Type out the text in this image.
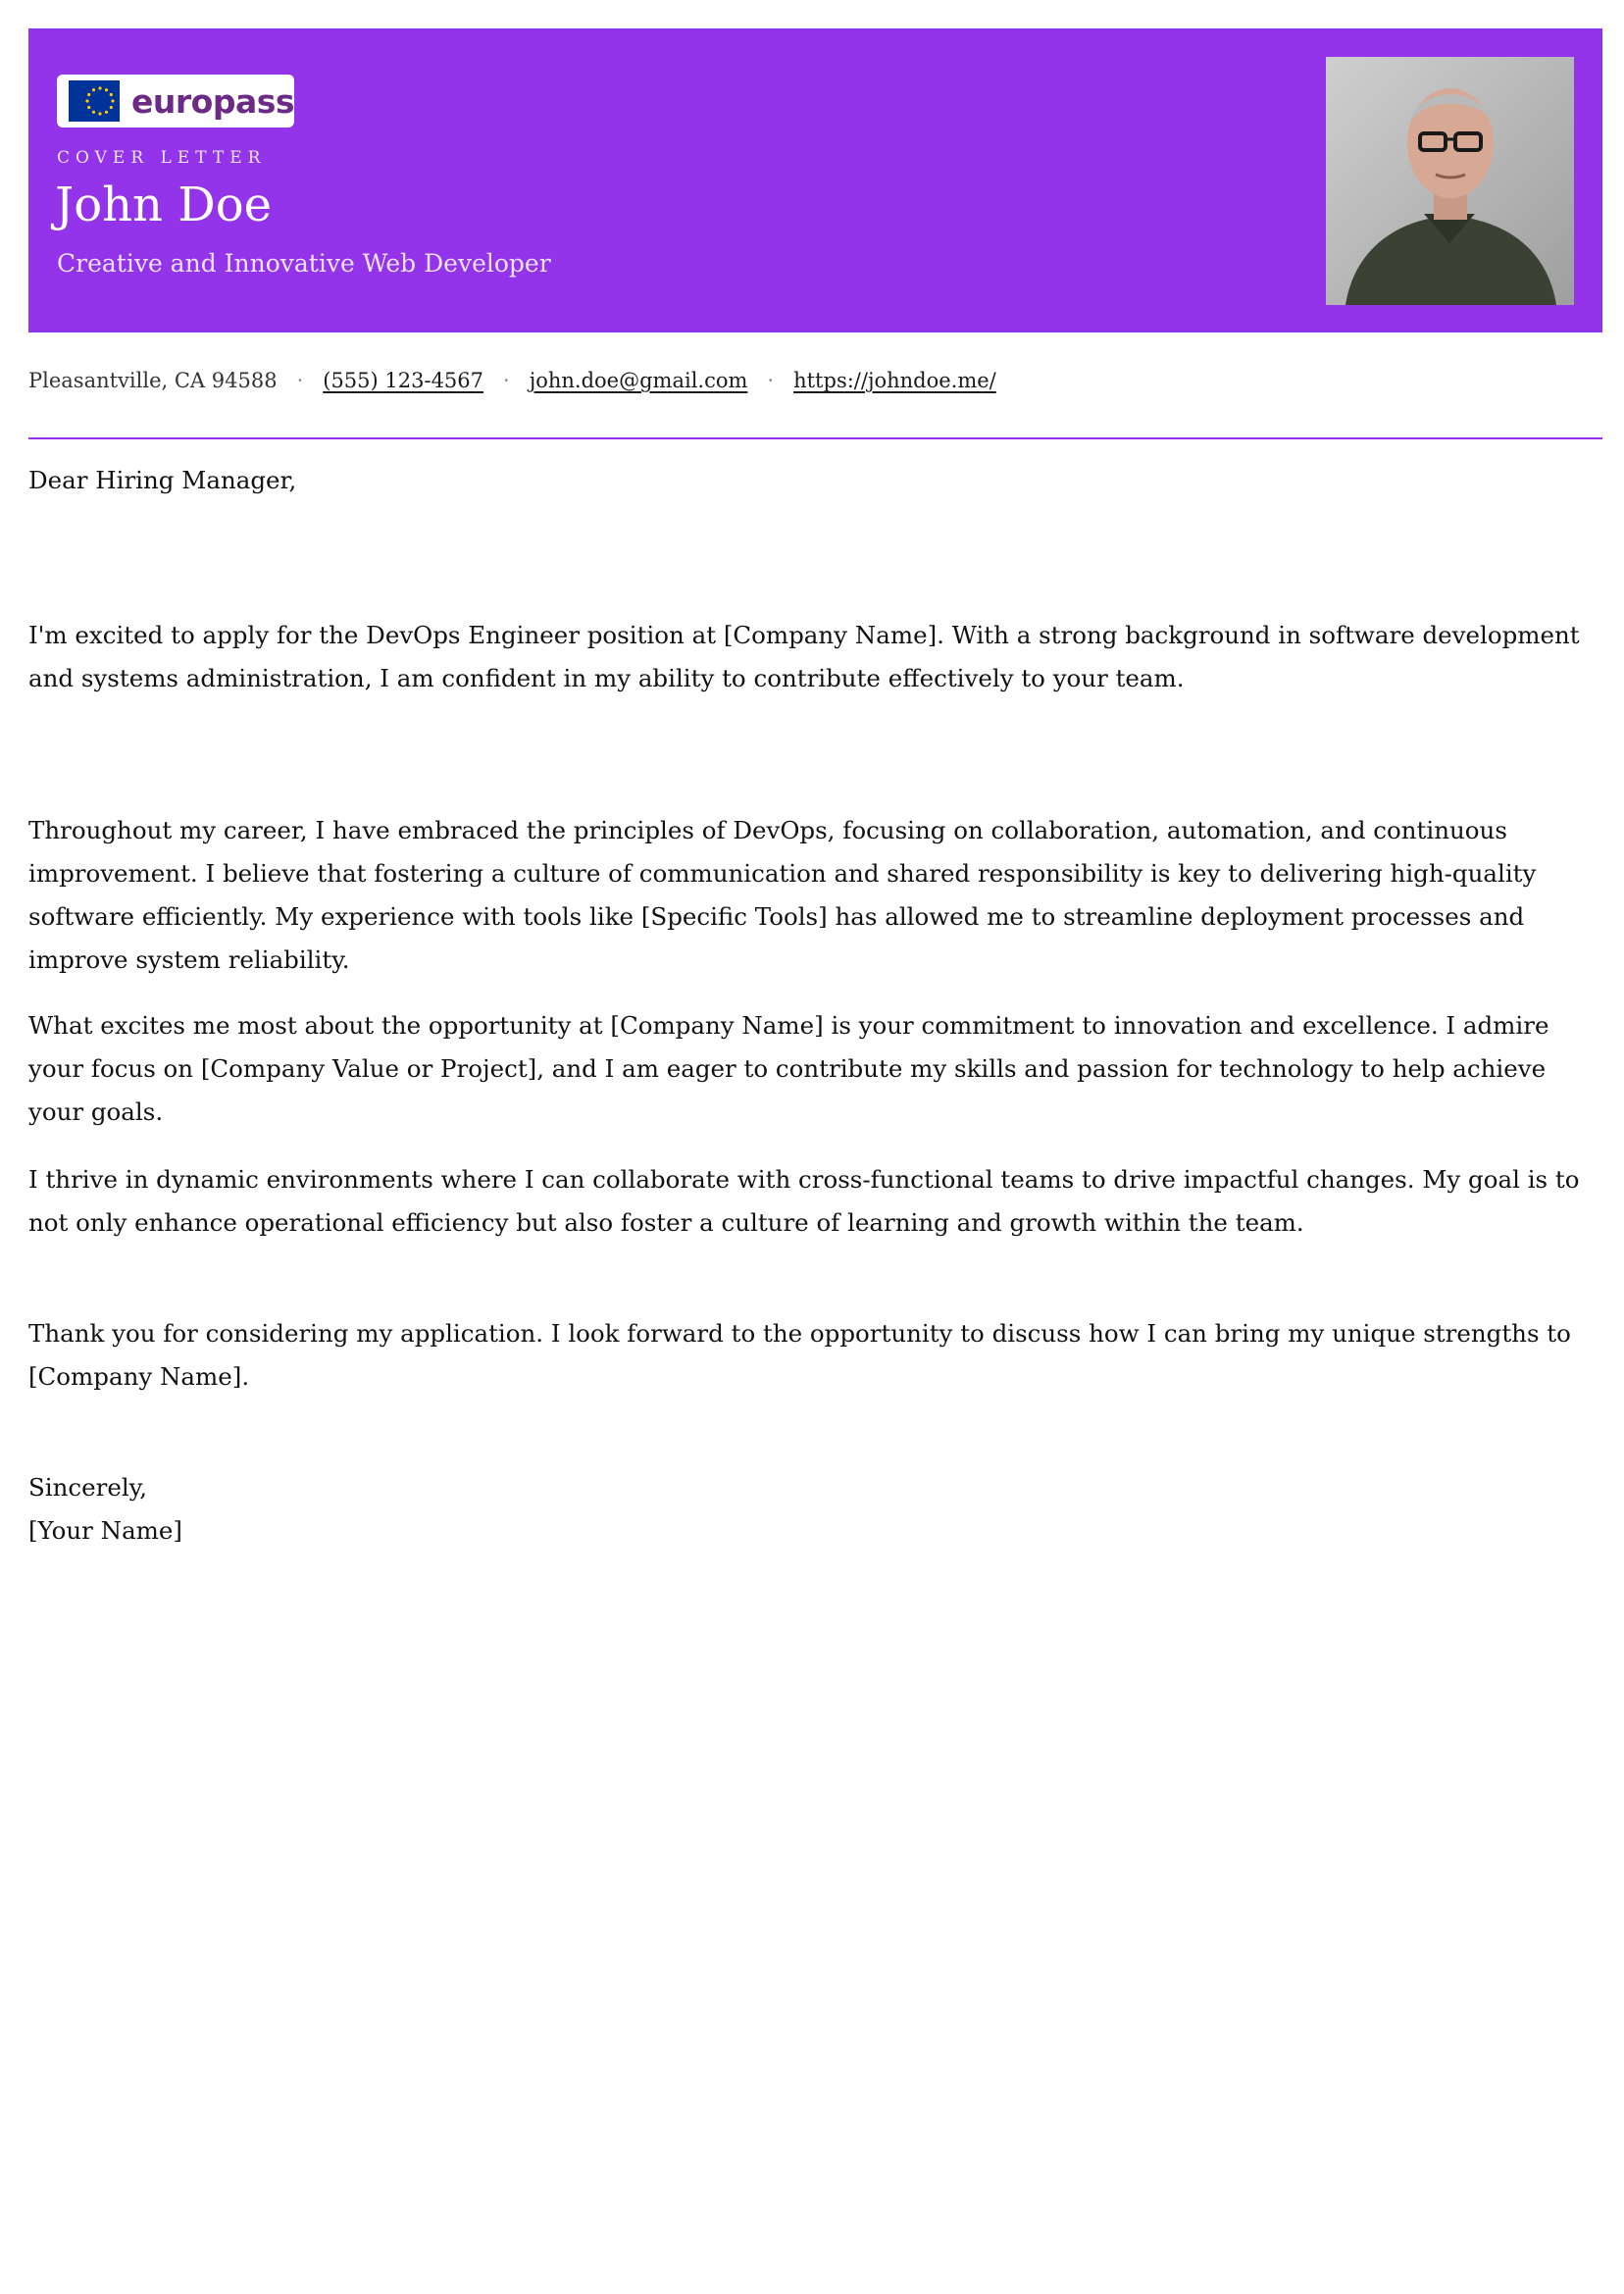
europass
COVER LETTER
John Doe
Creative and Innovative Web Developer
Pleasantville, CA 94588 · (555) 123-4567 · john.doe@gmail.com · https://johndoe.me/

Dear Hiring Manager,

I'm excited to apply for the DevOps Engineer position at [Company Name]. With a strong background in software development and systems administration, I am confident in my ability to contribute effectively to your team.

Throughout my career, I have embraced the principles of DevOps, focusing on collaboration, automation, and continuous improvement. I believe that fostering a culture of communication and shared responsibility is key to delivering high-quality software efficiently. My experience with tools like [Specific Tools] has allowed me to streamline deployment processes and improve system reliability.

What excites me most about the opportunity at [Company Name] is your commitment to innovation and excellence. I admire your focus on [Company Value or Project], and I am eager to contribute my skills and passion for technology to help achieve your goals.

I thrive in dynamic environments where I can collaborate with cross-functional teams to drive impactful changes. My goal is to not only enhance operational efficiency but also foster a culture of learning and growth within the team.

Thank you for considering my application. I look forward to the opportunity to discuss how I can bring my unique strengths to [Company Name].

Sincerely,

[Your Name]
